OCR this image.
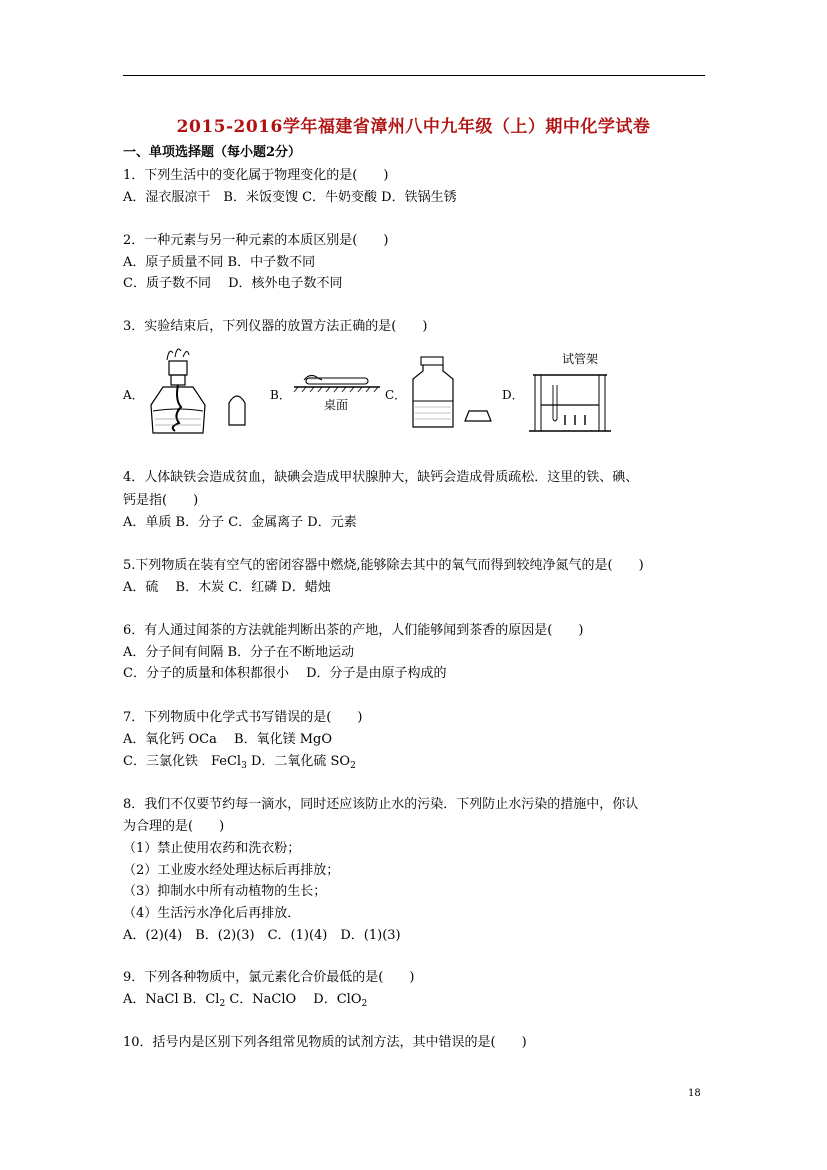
2015-2016学年福建省漳州八中九年级（上）期中化学试卷
一、单项选择题（每小题2分）
1．下列生活中的变化属于物理变化的是(　　)
A．湿衣服凉干　B．米饭变馊 C．牛奶变酸 D．铁锅生锈
2．一种元素与另一种元素的本质区别是(　　)
A．原子质量不同 B．中子数不同
C．质子数不同　 D．核外电子数不同
3．实验结束后，下列仪器的放置方法正确的是(　　)
A．	B．	C．	D．
桌面
试管架
4．人体缺铁会造成贫血，缺碘会造成甲状腺肿大，缺钙会造成骨质疏松．这里的铁、碘、
钙是指(　　)
A．单质 B．分子 C．金属离子 D．元素
5.下列物质在装有空气的密闭容器中燃烧,能够除去其中的氧气而得到较纯净氮气的是(　　)
A．硫　 B．木炭 C．红磷 D．蜡烛
6．有人通过闻茶的方法就能判断出茶的产地，人们能够闻到茶香的原因是(　　)
A．分子间有间隔 B．分子在不断地运动
C．分子的质量和体积都很小　 D．分子是由原子构成的
7．下列物质中化学式书写错误的是(　　)
A．氧化钙 OCa　 B．氧化镁 MgO
C．三氯化铁　FeCl$_3$ D．二氧化硫 $SO_2$
8．我们不仅要节约每一滴水，同时还应该防止水的污染．下列防止水污染的措施中，你认
为合理的是(　　)
（1）禁止使用农药和洗衣粉；
（2）工业废水经处理达标后再排放；
（3）抑制水中所有动植物的生长；
（4）生活污水净化后再排放．
A．(2)(4)　B．(2)(3)　C．(1)(4)　D．(1)(3)
9．下列各种物质中，氯元素化合价最低的是(　　)
A．NaCl B．$Cl_2$ C．NaClO　 D．ClO$_2$
10．括号内是区别下列各组常见物质的试剂方法，其中错误的是(　　)
18
